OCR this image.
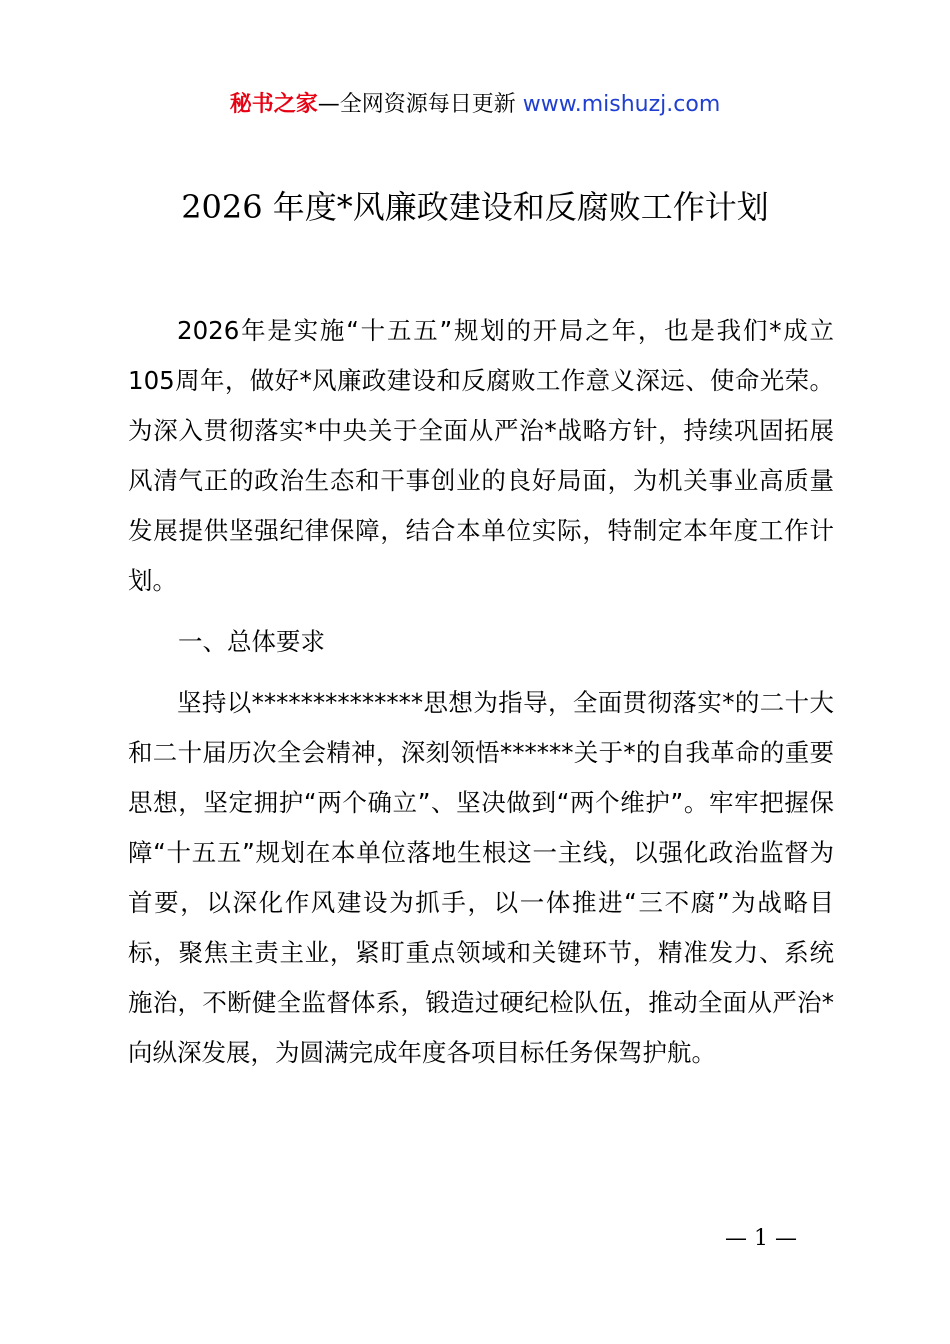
秘书之家—全网资源每日更新 www.mishuzj.com
2026 年度*风廉政建设和反腐败工作计划

2026年是实施“十五五”规划的开局之年，也是我们*成立105周年，做好*风廉政建设和反腐败工作意义深远、使命光荣。为深入贯彻落实*中央关于全面从严治*战略方针，持续巩固拓展风清气正的政治生态和干事创业的良好局面，为机关事业高质量发展提供坚强纪律保障，结合本单位实际，特制定本年度工作计划。

一、总体要求

坚持以**************思想为指导，全面贯彻落实*的二十大和二十届历次全会精神，深刻领悟******关于*的自我革命的重要思想，坚定拥护“两个确立”、坚决做到“两个维护”。牢牢把握保障“十五五”规划在本单位落地生根这一主线，以强化政治监督为首要，以深化作风建设为抓手，以一体推进“三不腐”为战略目标，聚焦主责主业，紧盯重点领域和关键环节，精准发力、系统施治，不断健全监督体系，锻造过硬纪检队伍，推动全面从严治*向纵深发展，为圆满完成年度各项目标任务保驾护航。

— 1 —
